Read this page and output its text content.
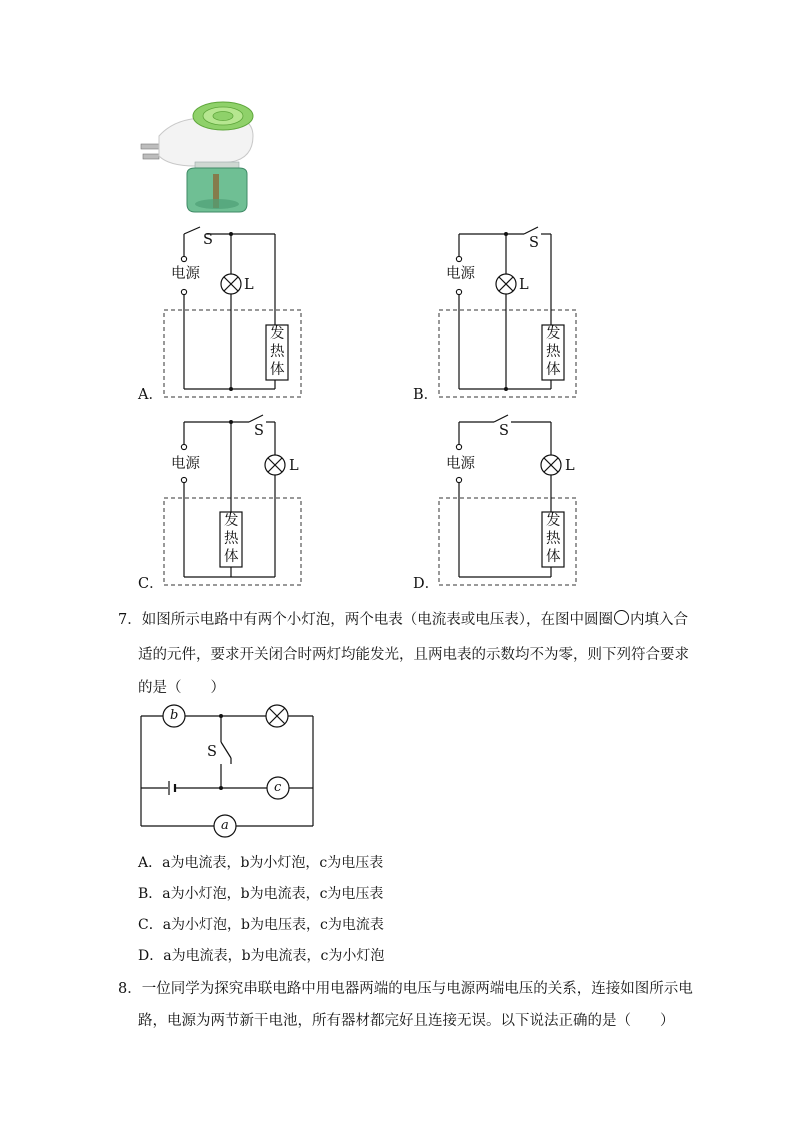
S
电源
L
发
热
体
A．
S
电源
L
发
热
体
B．
S
电源	L
发
热
体
C．
S
电源	L
发
热
体
D．
7．如图所示电路中有两个小灯泡，两个电表（电流表或电压表），在图中圆圈 内填入合
适的元件，要求开关闭合时两灯均能发光，且两电表的示数均不为零，则下列符合要求
的是（　　）
b
c
a
S
A．a为电流表，b为小灯泡，c为电压表
B．a为小灯泡，b为电流表，c为电压表
C．a为小灯泡，b为电压表，c为电流表
D．a为电流表，b为电流表，c为小灯泡
8．一位同学为探究串联电路中用电器两端的电压与电源两端电压的关系，连接如图所示电
路，电源为两节新干电池，所有器材都完好且连接无误。以下说法正确的是（　　）
